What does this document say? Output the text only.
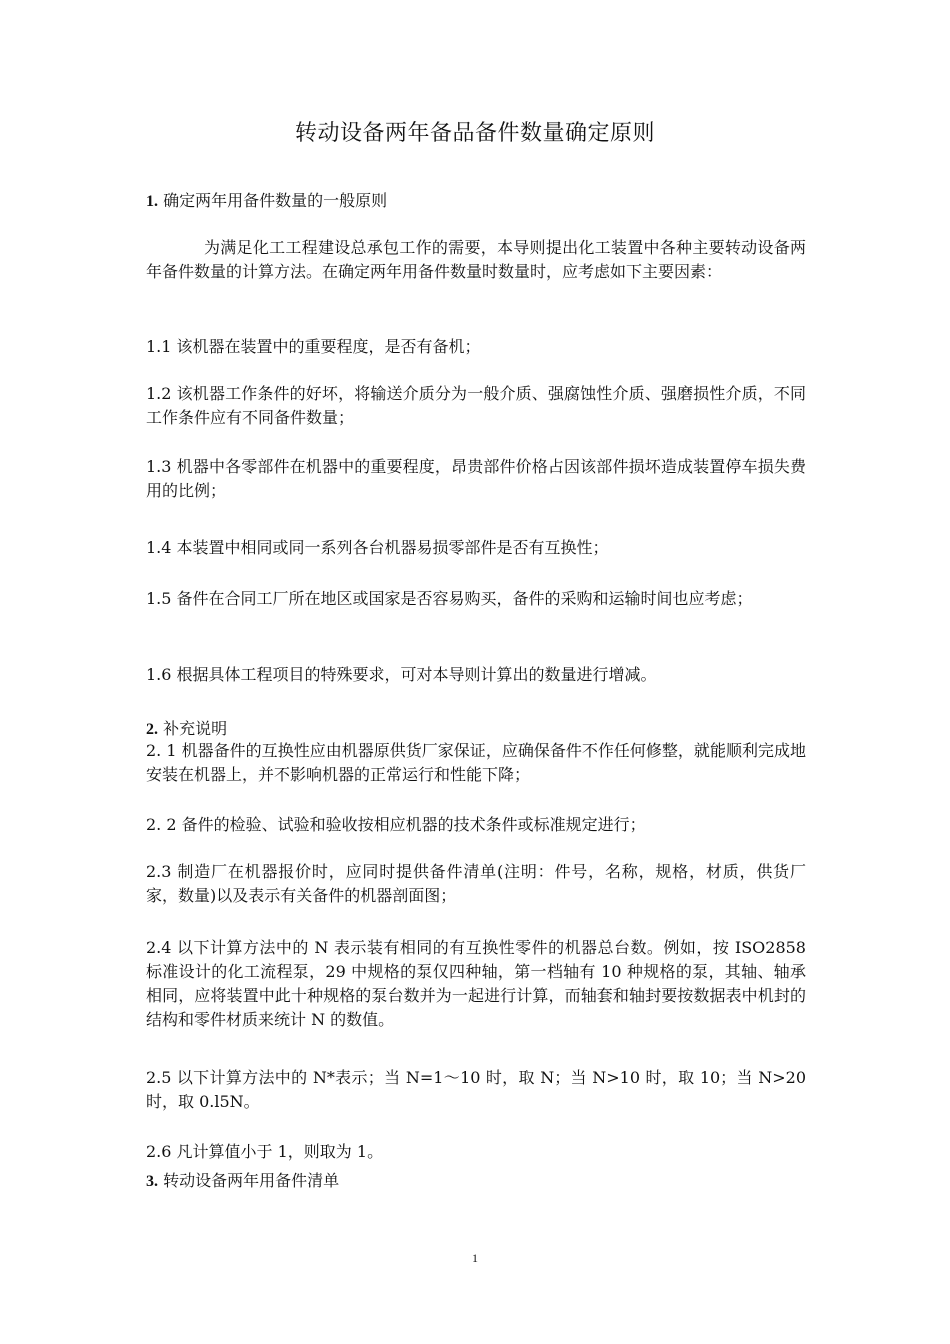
转动设备两年备品备件数量确定原则
1. 确定两年用备件数量的一般原则

为满足化工工程建设总承包工作的需要，本导则提出化工装置中各种主要转动设备两年备件数量的计算方法。在确定两年用备件数量时数量时，应考虑如下主要因素：

1.1 该机器在装置中的重要程度，是否有备机；

1.2 该机器工作条件的好坏，将输送介质分为一般介质、强腐蚀性介质、强磨损性介质，不同工作条件应有不同备件数量；

1.3 机器中各零部件在机器中的重要程度，昂贵部件价格占因该部件损坏造成装置停车损失费用的比例；

1.4 本装置中相同或同一系列各台机器易损零部件是否有互换性；

1.5 备件在合同工厂所在地区或国家是否容易购买，备件的采购和运输时间也应考虑；

1.6 根据具体工程项目的特殊要求，可对本导则计算出的数量进行增减。

2. 补充说明

2. 1 机器备件的互换性应由机器原供货厂家保证，应确保备件不作任何修整，就能顺利完成地安装在机器上，并不影响机器的正常运行和性能下降；

2. 2 备件的检验、试验和验收按相应机器的技术条件或标准规定进行；

2.3 制造厂在机器报价时，应同时提供备件清单(注明：件号，名称，规格，材质，供货厂家，数量)以及表示有关备件的机器剖面图；

2.4 以下计算方法中的 N 表示装有相同的有互换性零件的机器总台数。例如，按 ISO2858 标准设计的化工流程泵，29 中规格的泵仅四种轴，第一档轴有 10 种规格的泵，其轴、轴承相同，应将装置中此十种规格的泵台数并为一起进行计算，而轴套和轴封要按数据表中机封的结构和零件材质来统计 N 的数值。

2.5 以下计算方法中的 N*表示；当 N=1～10 时，取 N；当 N>10 时，取 10；当 N>20 时，取 0.l5N。

2.6 凡计算值小于 1，则取为 1。

3. 转动设备两年用备件清单
1
